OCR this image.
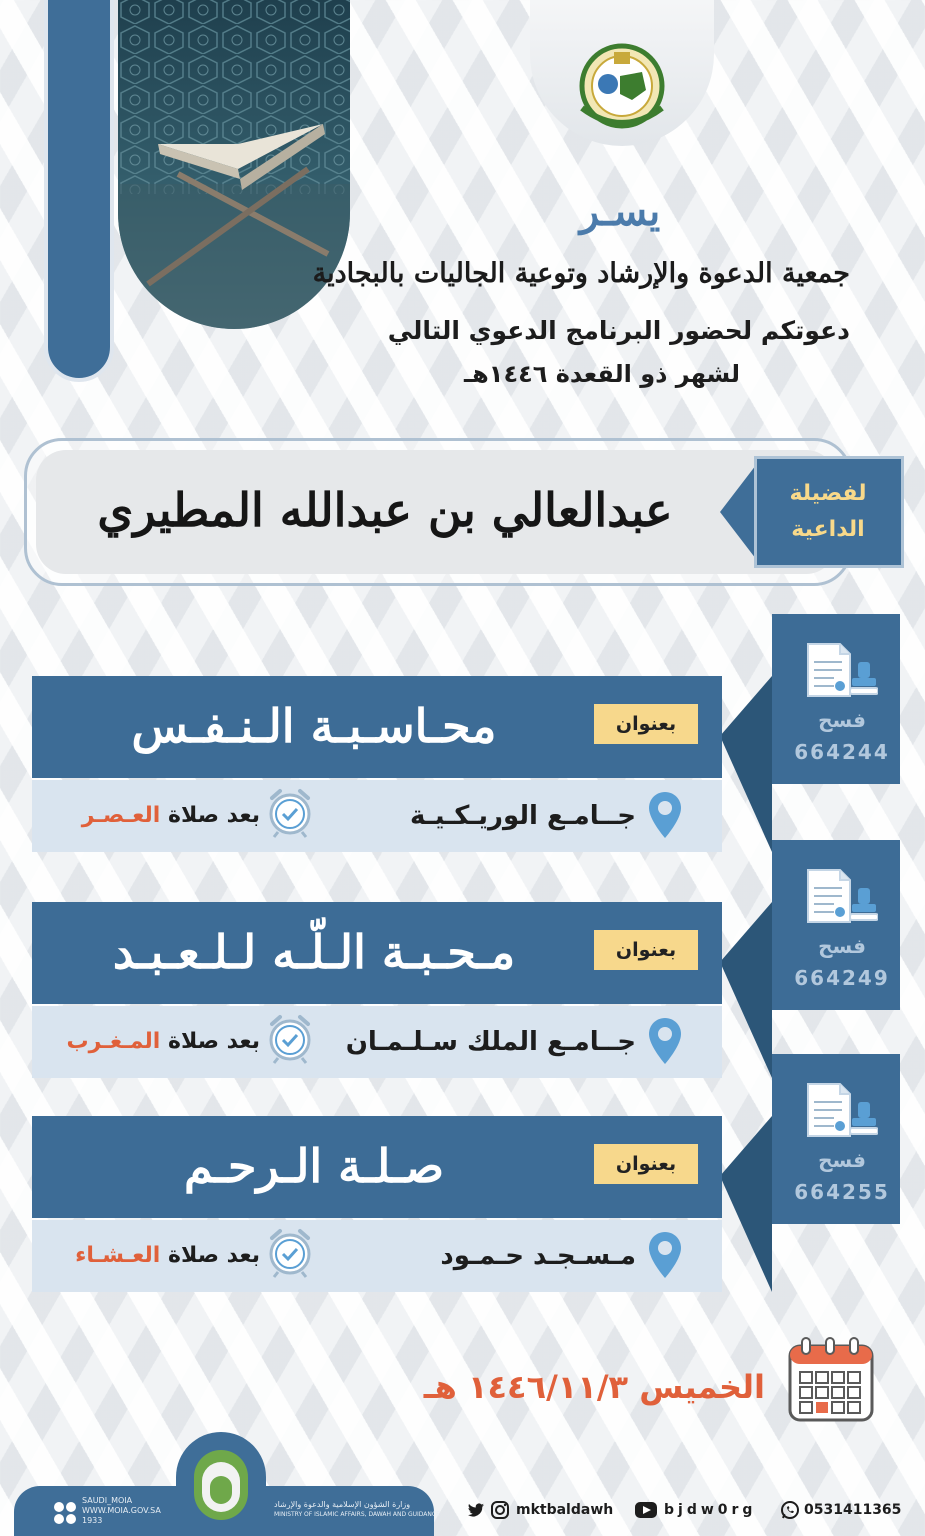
يسـر
جمعية الدعوة والإرشاد وتوعية الجاليات بالبجادية
دعوتكم لحضور البرنامج الدعوي التالي
لشهر ذو القعدة ١٤٤٦هـ
عبدالعالي بن عبدالله المطيري	لفضيلة الداعية
فسح
664244
محـاسـبـة الـنـفـس	بعنوان
جــامـع الوريـكـيـة
بعد صلاة العـصـر
فسح
664249
مـحـبـة الـلّـه لـلـعـبـد	بعنوان
جــامـع الملك سـلـمـان
بعد صلاة المـغـرب
فسح
664255
صـلـة الـرحـم	بعنوان
مـسـجـد حـمـود
بعد صلاة العـشـاء
الخميس ١٤٤٦/١١/٣ هـ
SAUDI_MOIA
WWW.MOIA.GOV.SA
1933
وزارة الشؤون الإسلامية والدعوة والإرشاد
MINISTRY OF ISLAMIC AFFAIRS, DAWAH AND GUIDANCE	mktbaldawh	bjdw0rg	0531411365
